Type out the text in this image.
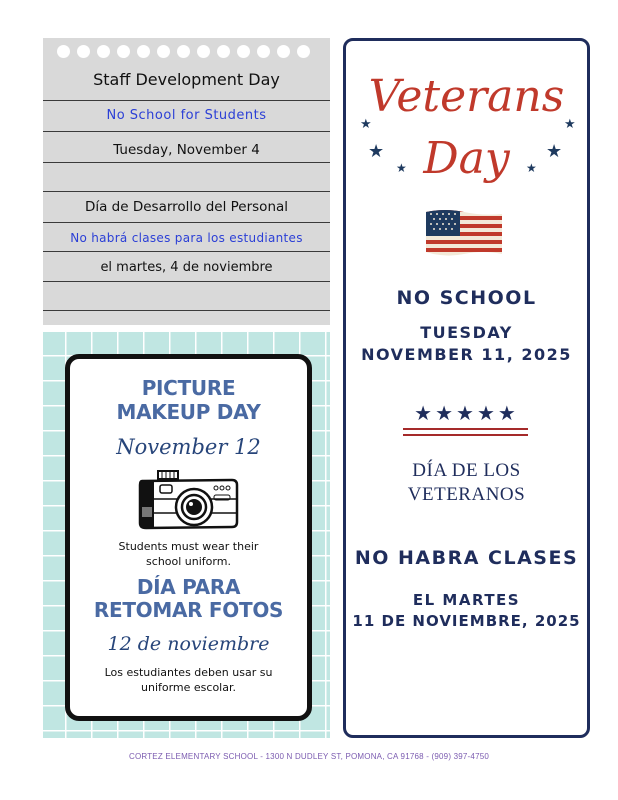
Staff Development Day
No School for Students
Tuesday, November 4
Día de Desarrollo del Personal
No habrá clases para los estudiantes
el martes, 4 de noviembre
PICTURE
MAKEUP DAY
November 12
Students must wear their
school uniform.
DÍA PARA
RETOMAR FOTOS
12 de noviembre
Los estudiantes deben usar su
uniforme escolar.
Veterans
Day
★
★
★
★
★
★
NO SCHOOL
TUESDAY
NOVEMBER 11, 2025
★★★★★
DÍA DE LOS
VETERANOS
NO HABRA CLASES
EL MARTES
11 DE NOVIEMBRE, 2025
CORTEZ ELEMENTARY SCHOOL - 1300 N DUDLEY ST, POMONA, CA 91768 - (909) 397-4750
